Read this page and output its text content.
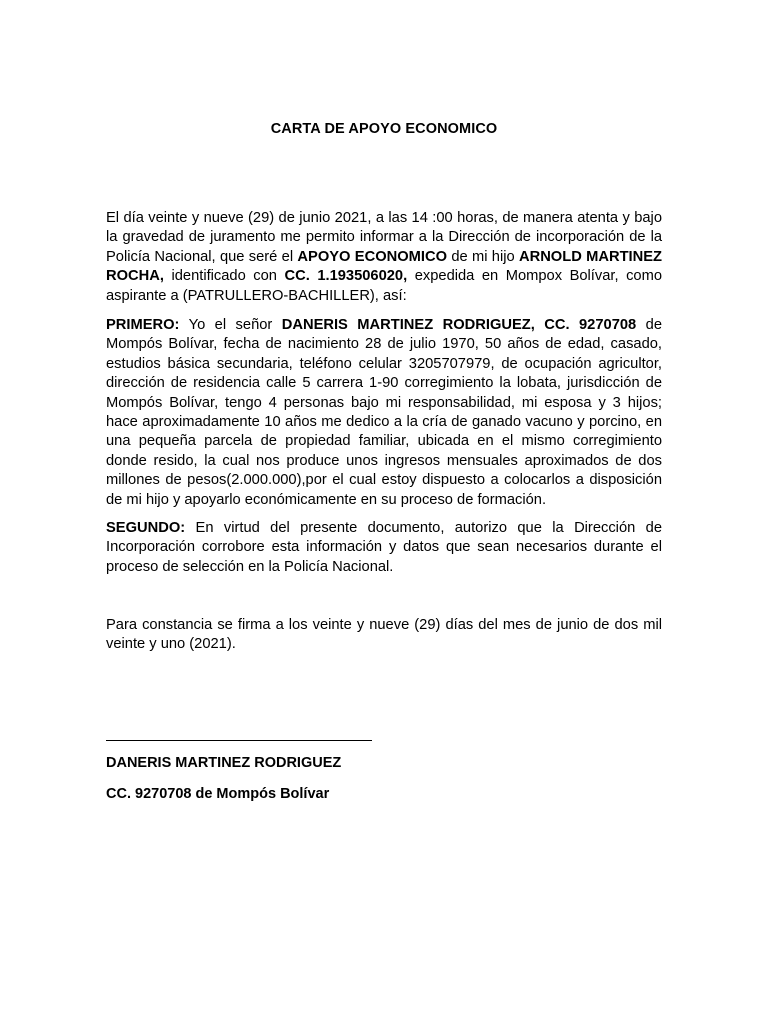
CARTA DE APOYO ECONOMICO

El día veinte y nueve (29) de junio 2021, a las 14 :00 horas, de manera atenta y bajo la gravedad de juramento me permito informar a la Dirección de incorporación de la Policía Nacional, que seré el APOYO ECONOMICO de mi hijo ARNOLD MARTINEZ ROCHA, identificado con CC. 1.193506020, expedida en Mompox Bolívar, como aspirante a (PATRULLERO-BACHILLER), así:

PRIMERO: Yo el señor DANERIS MARTINEZ RODRIGUEZ, CC. 9270708 de Mompós Bolívar, fecha de nacimiento 28 de julio 1970, 50 años de edad, casado, estudios básica secundaria, teléfono celular 3205707979, de ocupación agricultor, dirección de residencia calle 5 carrera 1-90 corregimiento la lobata, jurisdicción de Mompós Bolívar, tengo 4 personas bajo mi responsabilidad, mi esposa y 3 hijos; hace aproximadamente 10 años me dedico a la cría de ganado vacuno y porcino, en una pequeña parcela de propiedad familiar, ubicada en el mismo corregimiento donde resido, la cual nos produce unos ingresos mensuales aproximados de dos millones de pesos(2.000.000),por el cual estoy dispuesto a colocarlos a disposición de mi hijo y apoyarlo económicamente en su proceso de formación.

SEGUNDO: En virtud del presente documento, autorizo que la Dirección de Incorporación corrobore esta información y datos que sean necesarios durante el proceso de selección en la Policía Nacional.

Para constancia se firma a los veinte y nueve (29) días del mes de junio de dos mil veinte y uno (2021).

DANERIS MARTINEZ RODRIGUEZ
CC. 9270708 de Mompós Bolívar
